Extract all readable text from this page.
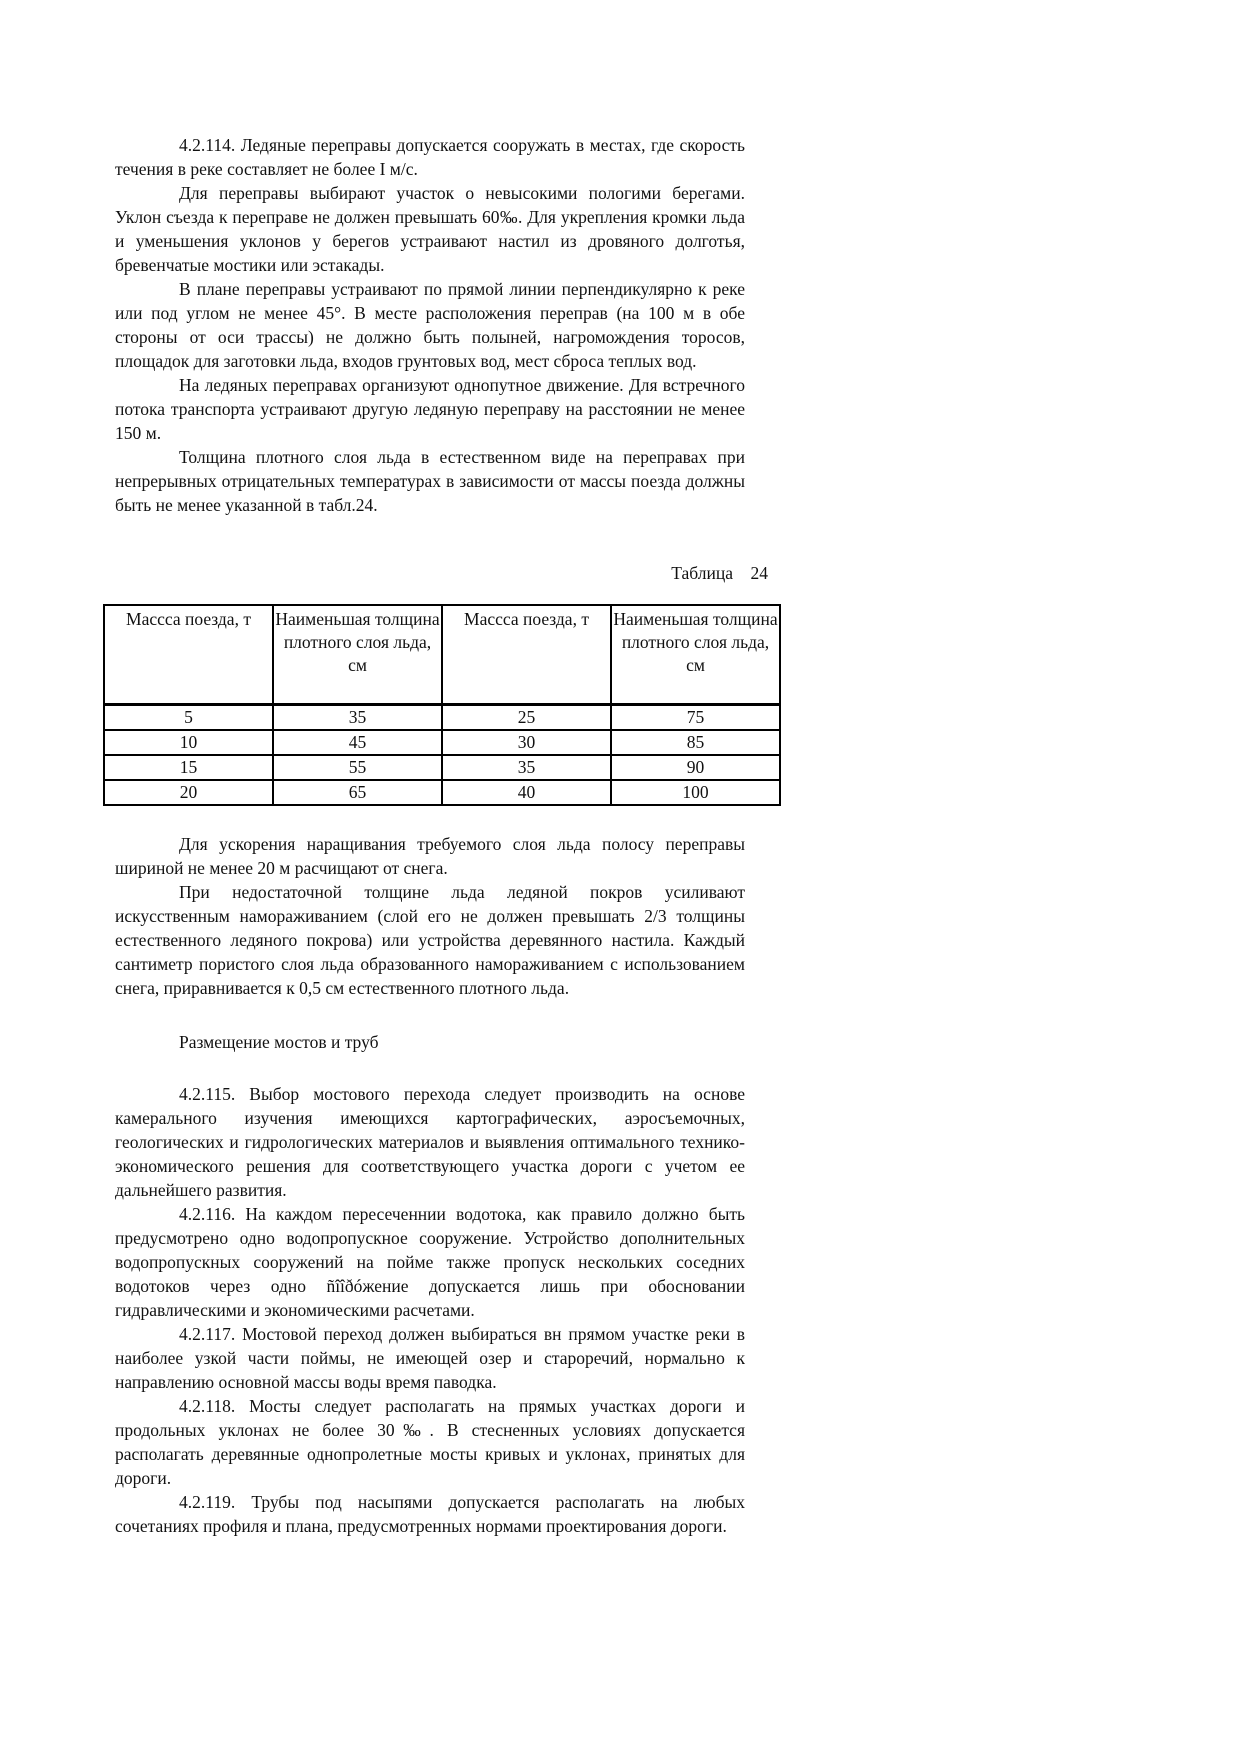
4.2.114. Ледяные переправы допускается сооружать в местах, где скорость течения в реке составляет не более I м/с.

Для переправы выбирают участок о невысокими пологими берегами. Уклон съезда к переправе не должен превышать 60‰. Для укрепления кромки льда и уменьшения уклонов у берегов устраивают настил из дровяного долготья, бревенчатые мостики или эстакады.

В плане переправы устраивают по прямой линии перпендикулярно к реке или под углом не менее 45°. В месте расположения переправ (на 100 м в обе стороны от оси трассы) не должно быть полыней, нагромождения торосов, площадок для заготовки льда, входов грунтовых вод, мест сброса теплых вод.

На ледяных переправах организуют однопутное движение. Для встречного потока транспорта устраивают другую ледяную переправу на расстоянии не менее 150 м.

Толщина плотного слоя льда в естественном виде на переправах при непрерывных отрицательных температурах в зависимости от массы поезда должны быть не менее указанной в табл.24.

Таблица    24
Массса поезда, т	Наименьшая толщина плотного слоя льда, см	Массса поезда, т	Наименьшая толщина плотного слоя льда, см
5	35	25	75
10	45	30	85
15	55	35	90
20	65	40	100

Для ускорения наращивания требуемого слоя льда полосу переправы шириной не менее 20 м расчищают от снега.

При недостаточной толщине льда ледяной покров усиливают искусственным намораживанием (слой его не должен превышать 2/3 толщины естественного ледяного покрова) или устройства деревянного настила. Каждый сантиметр пористого слоя льда образованного намораживанием с использованием снега, приравнивается к 0,5 см естественного плотного льда.

Размещение мостов и труб

4.2.115. Выбор мостового перехода следует производить на основе камерального изучения имеющихся картографических, аэросъемочных, геологических и гидрологических материалов и выявления оптимального технико-экономического решения для соответствующего участка дороги с учетом ее дальнейшего развития.

4.2.116. На каждом пересеченнии водотока, как правило должно быть предусмотрено одно водопропускное сооружение. Устройство дополнительных водопропускных сооружений на пойме также пропуск нескольких соседних водотоков через одно ñîîðóжение допускается лишь при обосновании гидравлическими и экономическими расчетами.

4.2.117. Мостовой переход должен выбираться вн прямом участке реки в наиболее узкой части поймы, не имеющей озер и староречий, нормально к направлению основной массы воды время паводка.

4.2.118. Мосты следует располагать на прямых участках дороги и продольных уклонах не более 30‰. В стесненных условиях допускается располагать деревянные однопролетные мосты кривых и уклонах, принятых для дороги.

4.2.119. Трубы под насыпями допускается располагать на любых сочетаниях профиля и плана, предусмотренных нормами проектирования дороги.
